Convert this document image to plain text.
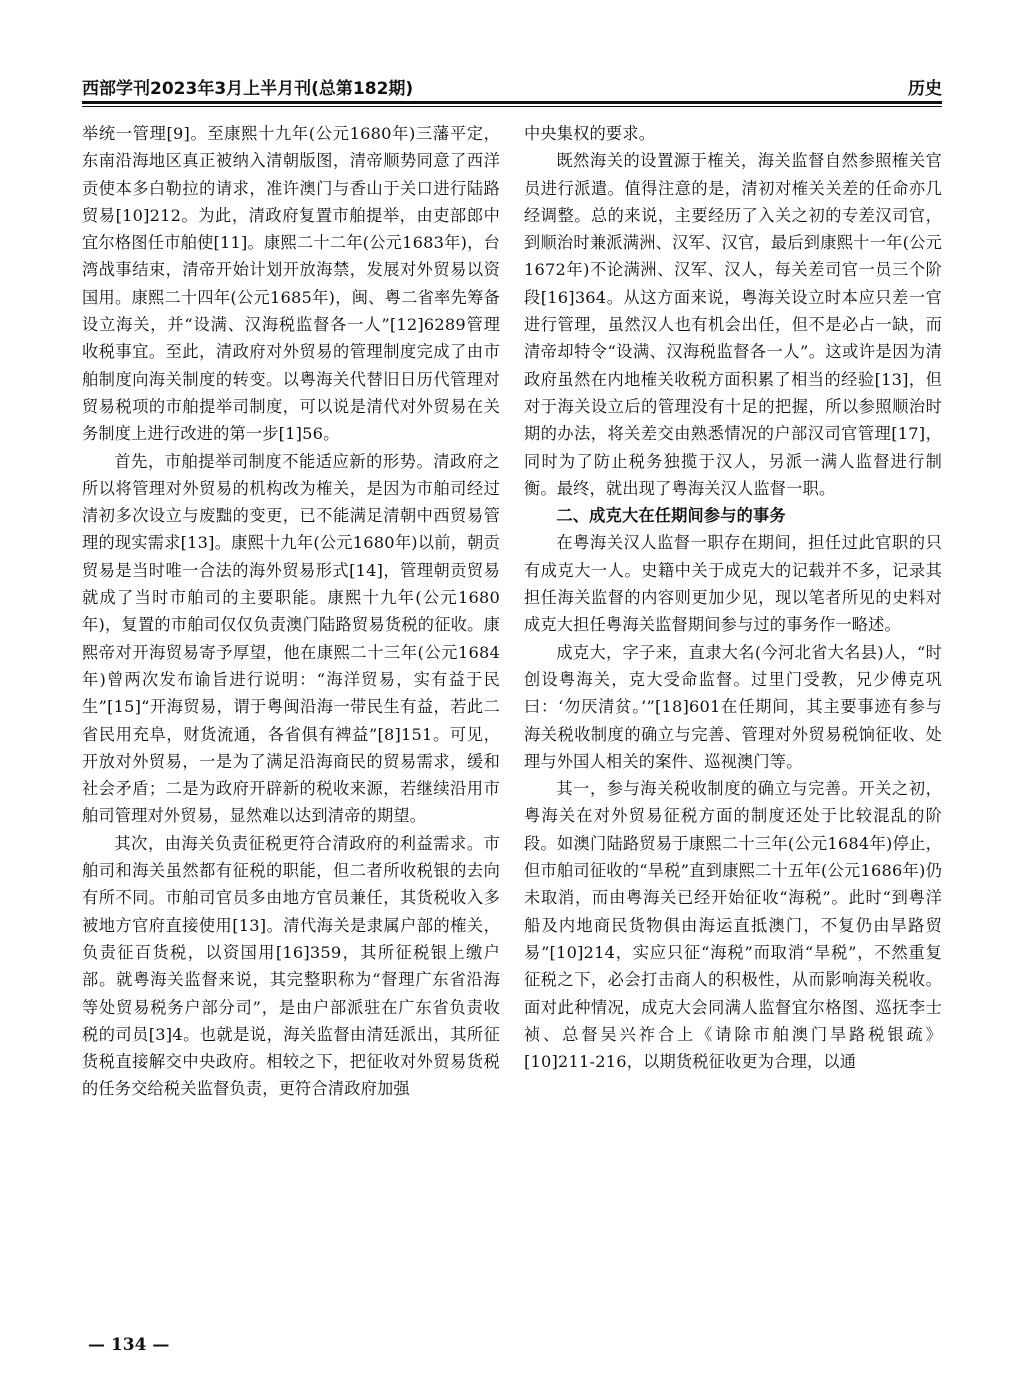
西部学刊2023年3月上半月刊(总第182期)	历史

举统一管理[9]。至康熙十九年(公元1680年)三藩平定，东南沿海地区真正被纳入清朝版图，清帝顺势同意了西洋贡使本多白勒拉的请求，准许澳门与香山于关口进行陆路贸易[10]212。为此，清政府复置市舶提举，由吏部郎中宜尔格图任市舶使[11]。康熙二十二年(公元1683年)，台湾战事结束，清帝开始计划开放海禁，发展对外贸易以资国用。康熙二十四年(公元1685年)，闽、粤二省率先筹备设立海关，并“设满、汉海税监督各一人”[12]6289管理收税事宜。至此，清政府对外贸易的管理制度完成了由市舶制度向海关制度的转变。以粤海关代替旧日历代管理对贸易税项的市舶提举司制度，可以说是清代对外贸易在关务制度上进行改进的第一步[1]56。

首先，市舶提举司制度不能适应新的形势。清政府之所以将管理对外贸易的机构改为榷关，是因为市舶司经过清初多次设立与废黜的变更，已不能满足清朝中西贸易管理的现实需求[13]。康熙十九年(公元1680年)以前，朝贡贸易是当时唯一合法的海外贸易形式[14]，管理朝贡贸易就成了当时市舶司的主要职能。康熙十九年(公元1680年)，复置的市舶司仅仅负责澳门陆路贸易货税的征收。康熙帝对开海贸易寄予厚望，他在康熙二十三年(公元1684年)曾两次发布谕旨进行说明：“海洋贸易，实有益于民生”[15]“开海贸易，谓于粤闽沿海一带民生有益，若此二省民用充阜，财货流通，各省俱有裨益”[8]151。可见，开放对外贸易，一是为了满足沿海商民的贸易需求，缓和社会矛盾；二是为政府开辟新的税收来源，若继续沿用市舶司管理对外贸易，显然难以达到清帝的期望。

其次，由海关负责征税更符合清政府的利益需求。市舶司和海关虽然都有征税的职能，但二者所收税银的去向有所不同。市舶司官员多由地方官员兼任，其货税收入多被地方官府直接使用[13]。清代海关是隶属户部的榷关，负责征百货税，以资国用[16]359，其所征税银上缴户部。就粤海关监督来说，其完整职称为“督理广东省沿海等处贸易税务户部分司”，是由户部派驻在广东省负责收税的司员[3]4。也就是说，海关监督由清廷派出，其所征货税直接解交中央政府。相较之下，把征收对外贸易货税的任务交给税关监督负责，更符合清政府加强

中央集权的要求。

既然海关的设置源于榷关，海关监督自然参照榷关官员进行派遣。值得注意的是，清初对榷关关差的任命亦几经调整。总的来说，主要经历了入关之初的专差汉司官，到顺治时兼派满洲、汉军、汉官，最后到康熙十一年(公元1672年)不论满洲、汉军、汉人，每关差司官一员三个阶段[16]364。从这方面来说，粤海关设立时本应只差一官进行管理，虽然汉人也有机会出任，但不是必占一缺，而清帝却特令“设满、汉海税监督各一人”。这或许是因为清政府虽然在内地榷关收税方面积累了相当的经验[13]，但对于海关设立后的管理没有十足的把握，所以参照顺治时期的办法，将关差交由熟悉情况的户部汉司官管理[17]，同时为了防止税务独揽于汉人，另派一满人监督进行制衡。最终，就出现了粤海关汉人监督一职。

二、成克大在任期间参与的事务

在粤海关汉人监督一职存在期间，担任过此官职的只有成克大一人。史籍中关于成克大的记载并不多，记录其担任海关监督的内容则更加少见，现以笔者所见的史料对成克大担任粤海关监督期间参与过的事务作一略述。

成克大，字子来，直隶大名(今河北省大名县)人，“时创设粤海关，克大受命监督。过里门受教，兄少傅克巩曰：‘勿厌清贫。’”[18]601在任期间，其主要事迹有参与海关税收制度的确立与完善、管理对外贸易税饷征收、处理与外国人相关的案件、巡视澳门等。

其一，参与海关税收制度的确立与完善。开关之初，粤海关在对外贸易征税方面的制度还处于比较混乱的阶段。如澳门陆路贸易于康熙二十三年(公元1684年)停止，但市舶司征收的“旱税”直到康熙二十五年(公元1686年)仍未取消，而由粤海关已经开始征收“海税”。此时“到粤洋船及内地商民货物俱由海运直抵澳门，不复仍由旱路贸易”[10]214，实应只征“海税”而取消“旱税”，不然重复征税之下，必会打击商人的积极性，从而影响海关税收。面对此种情况，成克大会同满人监督宜尔格图、巡抚李士祯、总督吴兴祚合上《请除市舶澳门旱路税银疏》[10]211-216，以期货税征收更为合理，以通

— 134 —
